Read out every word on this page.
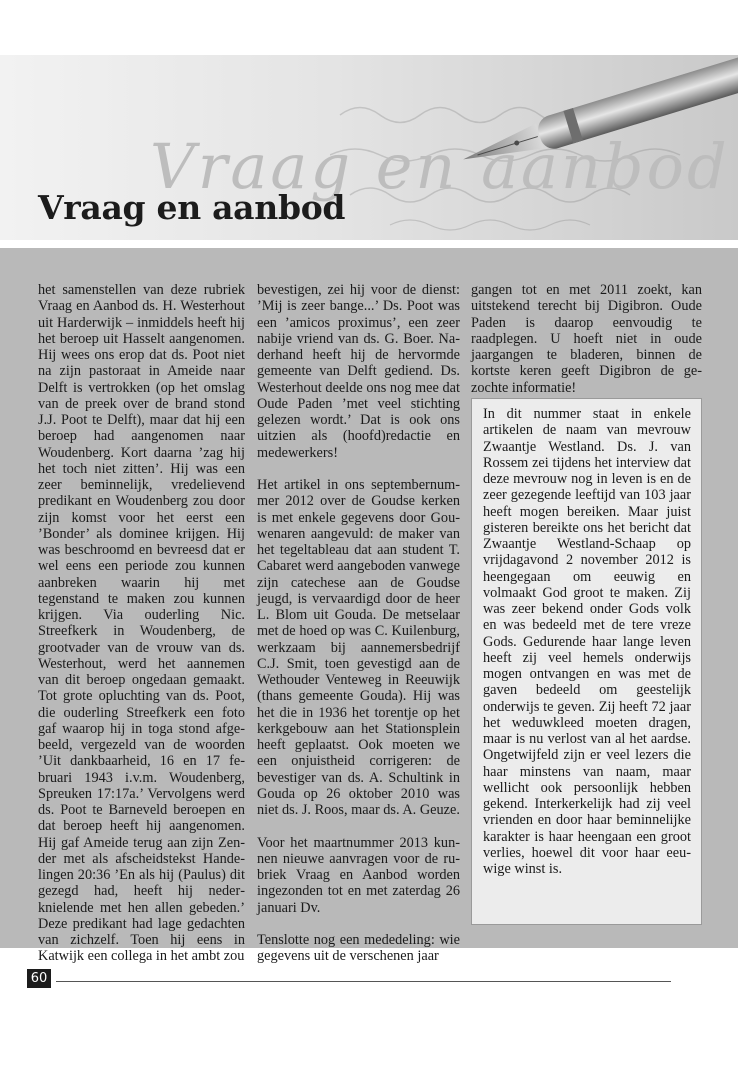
Vraag en aanbod
Vraag en aanbod

het samenstellen van deze rubriek Vraag en Aanbod ds. H. Westerhout uit Harderwijk – inmiddels heeft hij het beroep uit Hasselt aangenomen. Hij wees ons erop dat ds. Poot niet na zijn pastoraat in Ameide naar Delft is vertrokken (op het omslag van de preek over de brand stond J.J. Poot te Delft), maar dat hij een beroep had aangenomen naar Woudenberg. Kort daarna ’zag hij het toch niet zitten’. Hij was een zeer beminnelijk, vredelievend predikant en Woudenberg zou door zijn komst voor het eerst een ’Bonder’ als dominee krijgen. Hij was beschroomd en bevreesd dat er wel eens een periode zou kunnen aanbreken waarin hij met tegenstand te maken zou kunnen krijgen. Via ouderling Nic. Streefkerk in Woudenberg, de grootvader van de vrouw van ds. Westerhout, werd het aannemen van dit beroep ongedaan gemaakt. Tot grote opluchting van ds. Poot, die ouderling Streefkerk een foto gaf waarop hij in toga stond afgebeeld, vergezeld van de woorden ’Uit dankbaarheid, 16 en 17 februari 1943 i.v.m. Woudenberg, Spreuken 17:17a.’ Vervolgens werd ds. Poot te Barneveld beroepen en dat beroep heeft hij aangenomen. Hij gaf Ameide terug aan zijn Zender met als afscheidstekst Handelingen 20:36 ’En als hij (Paulus) dit gezegd had, heeft hij nederknielende met hen allen gebeden.’ Deze predikant had lage gedachten van zichzelf. Toen hij eens in Katwijk een collega in het ambt zou

bevestigen, zei hij voor de dienst: ’Mij is zeer bange...’ Ds. Poot was een ’amicos proximus’, een zeer nabije vriend van ds. G. Boer. Naderhand heeft hij de hervormde gemeente van Delft gediend. Ds. Westerhout deelde ons nog mee dat Oude Paden ’met veel stichting gelezen wordt.’ Dat is ook ons uitzien als (hoofd)redactie en medewerkers!

Het artikel in ons septembernummer 2012 over de Goudse kerken is met enkele gegevens door Gouwenaren aangevuld: de maker van het tegeltableau dat aan student T. Cabaret werd aangeboden vanwege zijn catechese aan de Goudse jeugd, is vervaardigd door de heer L. Blom uit Gouda. De metselaar met de hoed op was C. Kuilenburg, werkzaam bij aannemersbedrijf C.J. Smit, toen gevestigd aan de Wethouder Venteweg in Reeuwijk (thans gemeente Gouda). Hij was het die in 1936 het torentje op het kerkgebouw aan het Stationsplein heeft geplaatst. Ook moeten we een onjuistheid corrigeren: de bevestiger van ds. A. Schultink in Gouda op 26 oktober 2010 was niet ds. J. Roos, maar ds. A. Geuze.

Voor het maartnummer 2013 kunnen nieuwe aanvragen voor de rubriek Vraag en Aanbod worden ingezonden tot en met zaterdag 26 januari Dv.

Tenslotte nog een mededeling: wie gegevens uit de verschenen jaar

gangen tot en met 2011 zoekt, kan uitstekend terecht bij Digibron. Oude Paden is daarop eenvoudig te raadplegen. U hoeft niet in oude jaargangen te bladeren, binnen de kortste keren geeft Digibron de gezochte informatie!

In dit nummer staat in enkele artikelen de naam van mevrouw Zwaantje Westland. Ds. J. van Rossem zei tijdens het interview dat deze mevrouw nog in leven is en de zeer gezegende leeftijd van 103 jaar heeft mogen bereiken. Maar juist gisteren bereikte ons het bericht dat Zwaantje Westland-Schaap op vrijdagavond 2 november 2012 is heengegaan om eeuwig en volmaakt God groot te maken. Zij was zeer bekend onder Gods volk en was bedeeld met de tere vreze Gods. Gedurende haar lange leven heeft zij veel hemels onderwijs mogen ontvangen en was met de gaven bedeeld om geestelijk onderwijs te geven. Zij heeft 72 jaar het weduwkleed moeten dragen, maar is nu verlost van al het aardse. Ongetwijfeld zijn er veel lezers die haar minstens van naam, maar wellicht ook persoonlijk hebben gekend. Interkerkelijk had zij veel vrienden en door haar beminnelijke karakter is haar heengaan een groot verlies, hoewel dit voor haar eeuwige winst is.

60
